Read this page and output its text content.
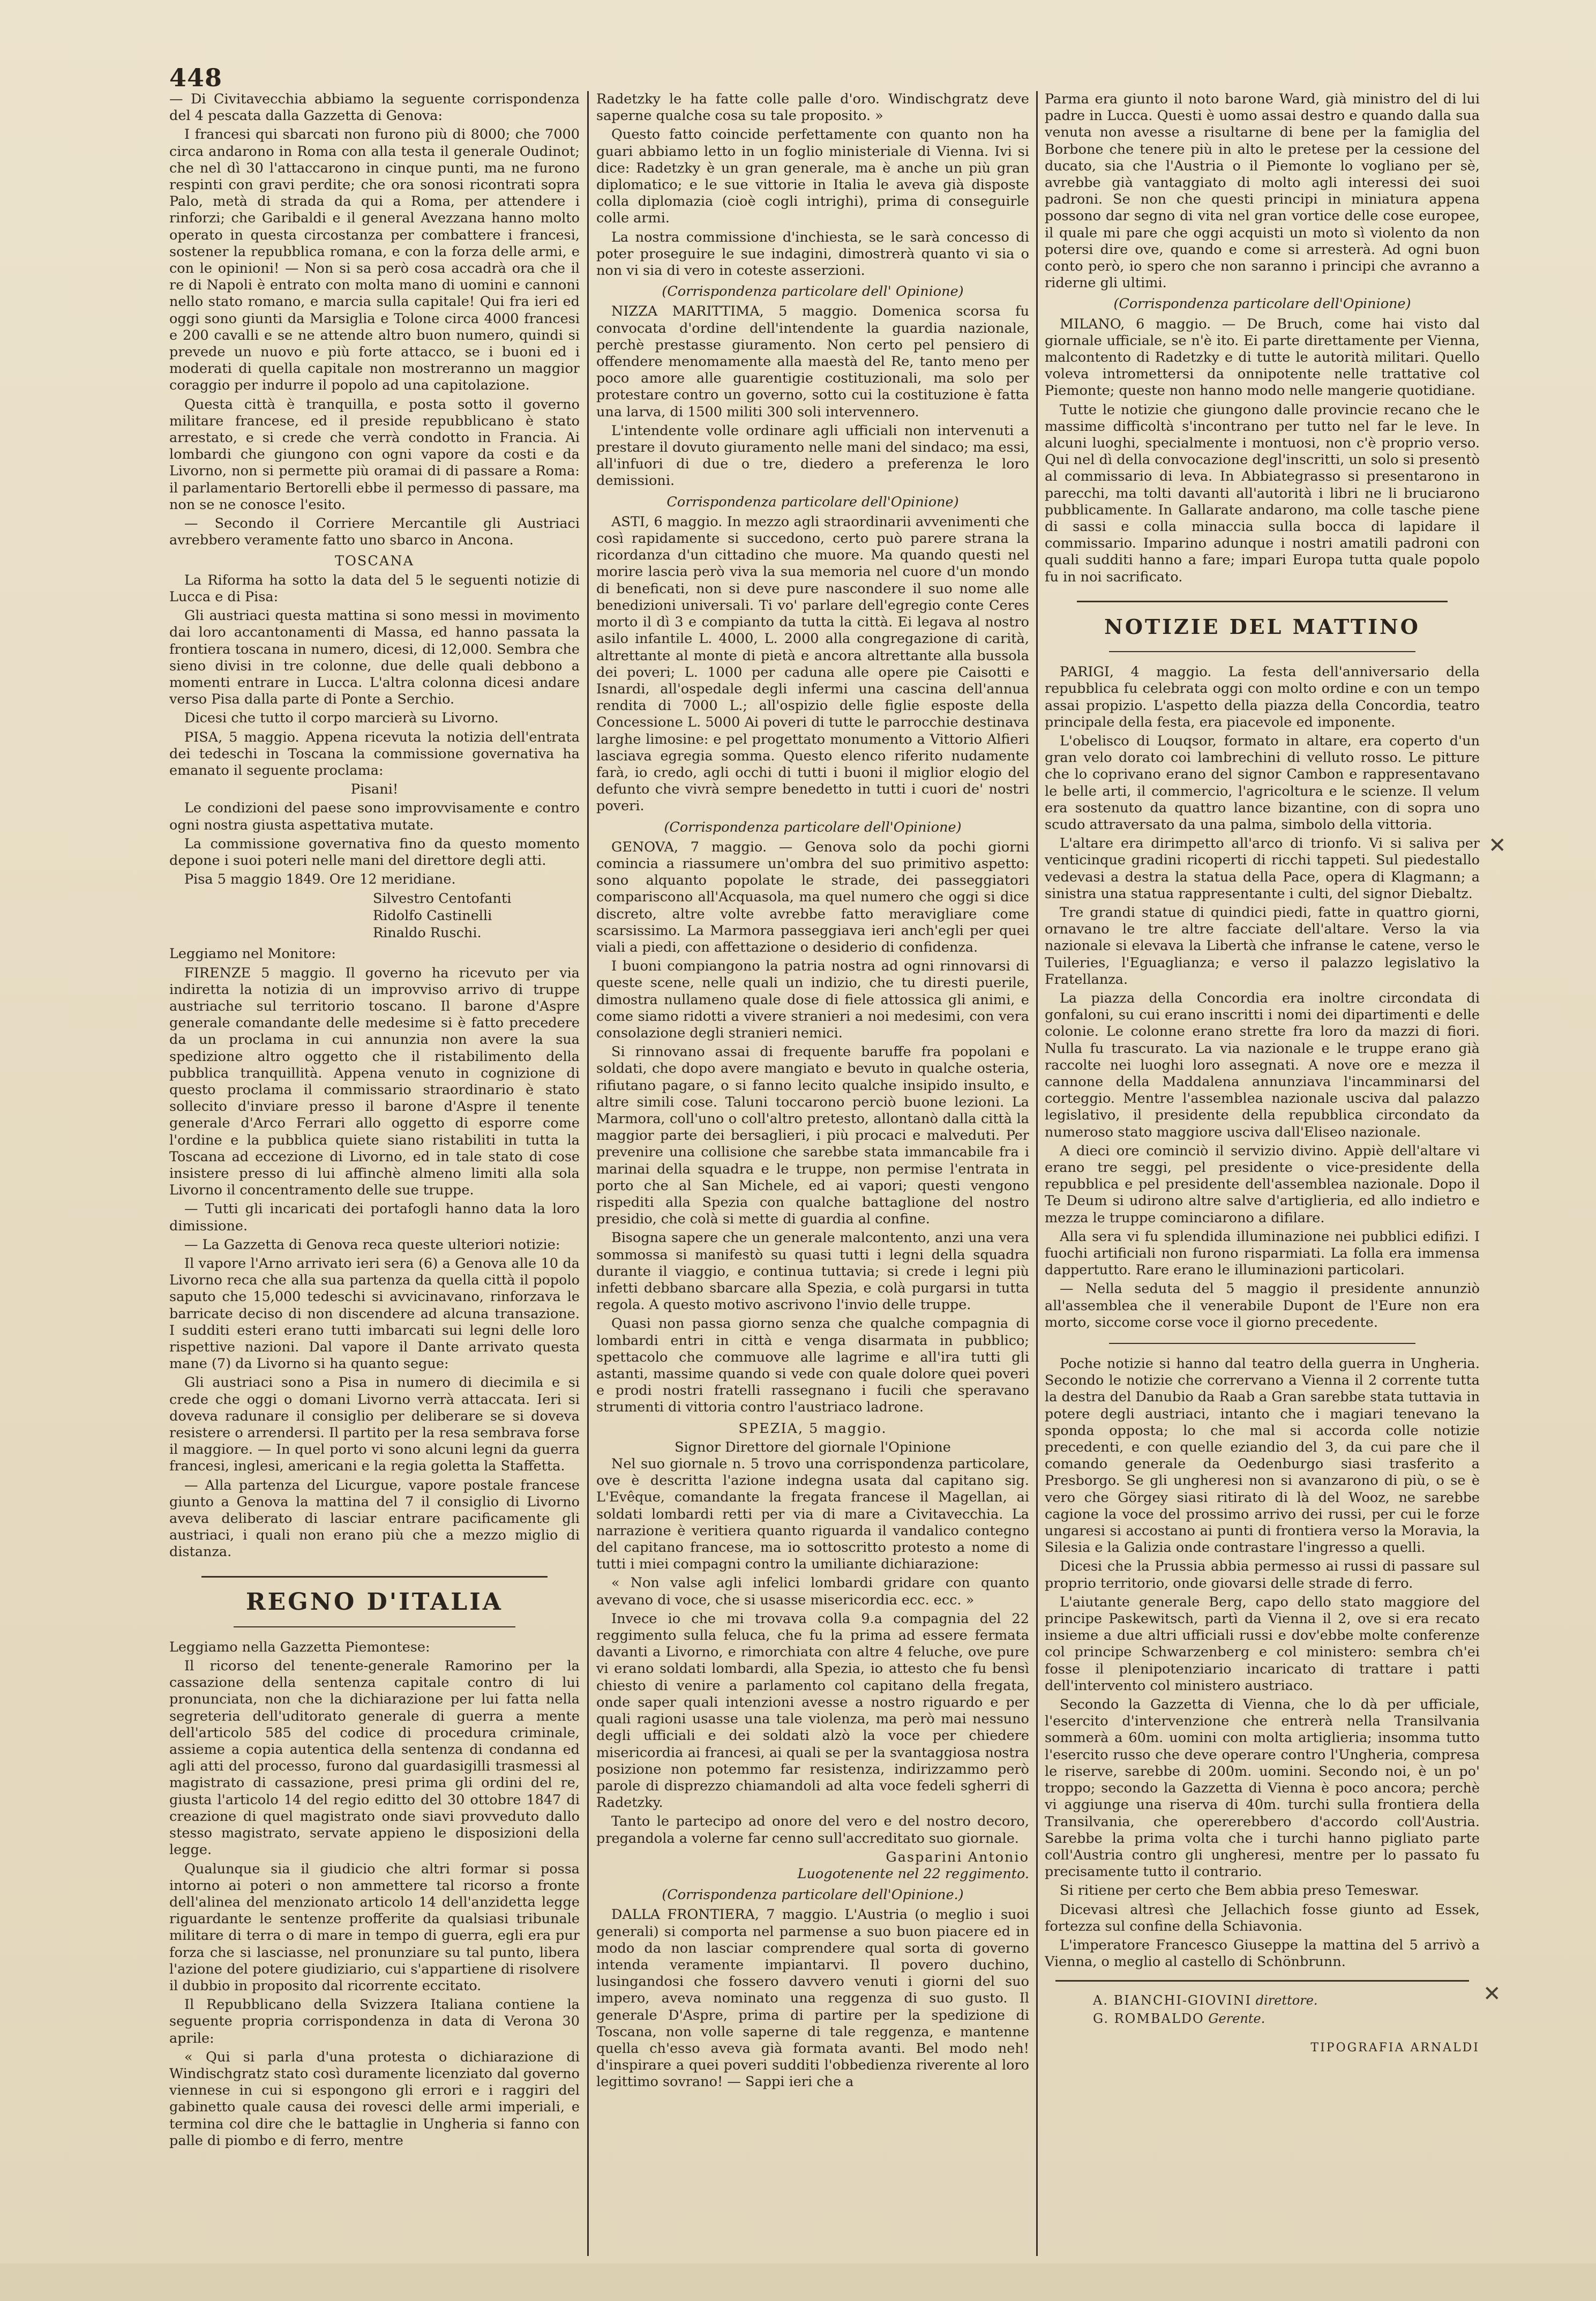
448

— Di Civitavecchia abbiamo la seguente corrispondenza del 4 pescata dalla Gazzetta di Genova:

I francesi qui sbarcati non furono più di 8000; che 7000 circa andarono in Roma con alla testa il generale Oudinot; che nel dì 30 l'attaccarono in cinque punti, ma ne furono respinti con gravi perdite; che ora sonosi ricontrati sopra Palo, metà di strada da qui a Roma, per attendere i rinforzi; che Garibaldi e il general Avezzana hanno molto operato in questa circostanza per combattere i francesi, sostener la repubblica romana, e con la forza delle armi, e con le opinioni! — Non si sa però cosa accadrà ora che il re di Napoli è entrato con molta mano di uomini e cannoni nello stato romano, e marcia sulla capitale! Qui fra ieri ed oggi sono giunti da Marsiglia e Tolone circa 4000 francesi e 200 cavalli e se ne attende altro buon numero, quindi si prevede un nuovo e più forte attacco, se i buoni ed i moderati di quella capitale non mostreranno un maggior coraggio per indurre il popolo ad una capitolazione.

Questa città è tranquilla, e posta sotto il governo militare francese, ed il preside repubblicano è stato arrestato, e si crede che verrà condotto in Francia. Ai lombardi che giungono con ogni vapore da costi e da Livorno, non si permette più oramai di di passare a Roma: il parlamentario Bertorelli ebbe il permesso di passare, ma non se ne conosce l'esito.

— Secondo il Corriere Mercantile gli Austriaci avrebbero veramente fatto uno sbarco in Ancona.

TOSCANA

La Riforma ha sotto la data del 5 le seguenti notizie di Lucca e di Pisa:

Gli austriaci questa mattina si sono messi in movimento dai loro accantonamenti di Massa, ed hanno passata la frontiera toscana in numero, dicesi, di 12,000. Sembra che sieno divisi in tre colonne, due delle quali debbono a momenti entrare in Lucca. L'altra colonna dicesi andare verso Pisa dalla parte di Ponte a Serchio.

Dicesi che tutto il corpo marcierà su Livorno.

PISA, 5 maggio. Appena ricevuta la notizia dell'entrata dei tedeschi in Toscana la commissione governativa ha emanato il seguente proclama:

Pisani!

Le condizioni del paese sono improvvisamente e contro ogni nostra giusta aspettativa mutate.

La commissione governativa fino da questo momento depone i suoi poteri nelle mani del direttore degli atti.

Pisa 5 maggio 1849. Ore 12 meridiane.

Silvestro Centofanti
Ridolfo Castinelli
Rinaldo Ruschi.

Leggiamo nel Monitore:

FIRENZE 5 maggio. Il governo ha ricevuto per via indiretta la notizia di un improvviso arrivo di truppe austriache sul territorio toscano. Il barone d'Aspre generale comandante delle medesime si è fatto precedere da un proclama in cui annunzia non avere la sua spedizione altro oggetto che il ristabilimento della pubblica tranquillità. Appena venuto in cognizione di questo proclama il commissario straordinario è stato sollecito d'inviare presso il barone d'Aspre il tenente generale d'Arco Ferrari allo oggetto di esporre come l'ordine e la pubblica quiete siano ristabiliti in tutta la Toscana ad eccezione di Livorno, ed in tale stato di cose insistere presso di lui affinchè almeno limiti alla sola Livorno il concentramento delle sue truppe.

— Tutti gli incaricati dei portafogli hanno data la loro dimissione.

— La Gazzetta di Genova reca queste ulteriori notizie:

Il vapore l'Arno arrivato ieri sera (6) a Genova alle 10 da Livorno reca che alla sua partenza da quella città il popolo saputo che 15,000 tedeschi si avvicinavano, rinforzava le barricate deciso di non discendere ad alcuna transazione. I sudditi esteri erano tutti imbarcati sui legni delle loro rispettive nazioni. Dal vapore il Dante arrivato questa mane (7) da Livorno si ha quanto segue:

Gli austriaci sono a Pisa in numero di diecimila e si crede che oggi o domani Livorno verrà attaccata. Ieri si doveva radunare il consiglio per deliberare se si doveva resistere o arrendersi. Il partito per la resa sembrava forse il maggiore. — In quel porto vi sono alcuni legni da guerra francesi, inglesi, americani e la regia goletta la Staffetta.

— Alla partenza del Licurgue, vapore postale francese giunto a Genova la mattina del 7 il consiglio di Livorno aveva deliberato di lasciar entrare pacificamente gli austriaci, i quali non erano più che a mezzo miglio di distanza.

REGNO D'ITALIA

Leggiamo nella Gazzetta Piemontese:

Il ricorso del tenente-generale Ramorino per la cassazione della sentenza capitale contro di lui pronunciata, non che la dichiarazione per lui fatta nella segreteria dell'uditorato generale di guerra a mente dell'articolo 585 del codice di procedura criminale, assieme a copia autentica della sentenza di condanna ed agli atti del processo, furono dal guardasigilli trasmessi al magistrato di cassazione, presi prima gli ordini del re, giusta l'articolo 14 del regio editto del 30 ottobre 1847 di creazione di quel magistrato onde siavi provveduto dallo stesso magistrato, servate appieno le disposizioni della legge.

Qualunque sia il giudicio che altri formar si possa intorno ai poteri o non ammettere tal ricorso a fronte dell'alinea del menzionato articolo 14 dell'anzidetta legge riguardante le sentenze profferite da qualsiasi tribunale militare di terra o di mare in tempo di guerra, egli era pur forza che si lasciasse, nel pronunziare su tal punto, libera l'azione del potere giudiziario, cui s'appartiene di risolvere il dubbio in proposito dal ricorrente eccitato.

Il Repubblicano della Svizzera Italiana contiene la seguente propria corrispondenza in data di Verona 30 aprile:

« Qui si parla d'una protesta o dichiarazione di Windischgratz stato così duramente licenziato dal governo viennese in cui si espongono gli errori e i raggiri del gabinetto quale causa dei rovesci delle armi imperiali, e termina col dire che le battaglie in Ungheria si fanno con palle di piombo e di ferro, mentre

Radetzky le ha fatte colle palle d'oro. Windischgratz deve saperne qualche cosa su tale proposito. »

Questo fatto coincide perfettamente con quanto non ha guari abbiamo letto in un foglio ministeriale di Vienna. Ivi si dice: Radetzky è un gran generale, ma è anche un più gran diplomatico; e le sue vittorie in Italia le aveva già disposte colla diplomazia (cioè cogli intrighi), prima di conseguirle colle armi.

La nostra commissione d'inchiesta, se le sarà concesso di poter proseguire le sue indagini, dimostrerà quanto vi sia o non vi sia di vero in coteste asserzioni.

(Corrispondenza particolare dell' Opinione)

NIZZA MARITTIMA, 5 maggio. Domenica scorsa fu convocata d'ordine dell'intendente la guardia nazionale, perchè prestasse giuramento. Non certo pel pensiero di offendere menomamente alla maestà del Re, tanto meno per poco amore alle guarentigie costituzionali, ma solo per protestare contro un governo, sotto cui la costituzione è fatta una larva, di 1500 militi 300 soli intervennero.

L'intendente volle ordinare agli ufficiali non intervenuti a prestare il dovuto giuramento nelle mani del sindaco; ma essi, all'infuori di due o tre, diedero a preferenza le loro demissioni.

Corrispondenza particolare dell'Opinione)

ASTI, 6 maggio. In mezzo agli straordinarii avvenimenti che così rapidamente si succedono, certo può parere strana la ricordanza d'un cittadino che muore. Ma quando questi nel morire lascia però viva la sua memoria nel cuore d'un mondo di beneficati, non si deve pure nascondere il suo nome alle benedizioni universali. Ti vo' parlare dell'egregio conte Ceres morto il dì 3 e compianto da tutta la città. Ei legava al nostro asilo infantile L. 4000, L. 2000 alla congregazione di carità, altrettante al monte di pietà e ancora altrettante alla bussola dei poveri; L. 1000 per caduna alle opere pie Caisotti e Isnardi, all'ospedale degli infermi una cascina dell'annua rendita di 7000 L.; all'ospizio delle figlie esposte della Concessione L. 5000 Ai poveri di tutte le parrocchie destinava larghe limosine: e pel progettato monumento a Vittorio Alfieri lasciava egregia somma. Questo elenco riferito nudamente farà, io credo, agli occhi di tutti i buoni il miglior elogio del defunto che vivrà sempre benedetto in tutti i cuori de' nostri poveri.

(Corrispondenza particolare dell'Opinione)

GENOVA, 7 maggio. — Genova solo da pochi giorni comincia a riassumere un'ombra del suo primitivo aspetto: sono alquanto popolate le strade, dei passeggiatori compariscono all'Acquasola, ma quel numero che oggi si dice discreto, altre volte avrebbe fatto meravigliare come scarsissimo. La Marmora passeggiava ieri anch'egli per quei viali a piedi, con affettazione o desiderio di confidenza.

I buoni compiangono la patria nostra ad ogni rinnovarsi di queste scene, nelle quali un indizio, che tu diresti puerile, dimostra nullameno quale dose di fiele attossica gli animi, e come siamo ridotti a vivere stranieri a noi medesimi, con vera consolazione degli stranieri nemici.

Si rinnovano assai di frequente baruffe fra popolani e soldati, che dopo avere mangiato e bevuto in qualche osteria, rifiutano pagare, o si fanno lecito qualche insipido insulto, e altre simili cose. Taluni toccarono perciò buone lezioni. La Marmora, coll'uno o coll'altro pretesto, allontanò dalla città la maggior parte dei bersaglieri, i più procaci e malveduti. Per prevenire una collisione che sarebbe stata immancabile fra i marinai della squadra e le truppe, non permise l'entrata in porto che al San Michele, ed ai vapori; questi vengono rispediti alla Spezia con qualche battaglione del nostro presidio, che colà si mette di guardia al confine.

Bisogna sapere che un generale malcontento, anzi una vera sommossa si manifestò su quasi tutti i legni della squadra durante il viaggio, e continua tuttavia; si crede i legni più infetti debbano sbarcare alla Spezia, e colà purgarsi in tutta regola. A questo motivo ascrivono l'invio delle truppe.

Quasi non passa giorno senza che qualche compagnia di lombardi entri in città e venga disarmata in pubblico; spettacolo che commuove alle lagrime e all'ira tutti gli astanti, massime quando si vede con quale dolore quei poveri e prodi nostri fratelli rassegnano i fucili che speravano strumenti di vittoria contro l'austriaco ladrone.

SPEZIA, 5 maggio.
Signor Direttore del giornale l'Opinione

Nel suo giornale n. 5 trovo una corrispondenza particolare, ove è descritta l'azione indegna usata dal capitano sig. L'Evêque, comandante la fregata francese il Magellan, ai soldati lombardi retti per via di mare a Civitavecchia. La narrazione è veritiera quanto riguarda il vandalico contegno del capitano francese, ma io sottoscritto protesto a nome di tutti i miei compagni contro la umiliante dichiarazione:

« Non valse agli infelici lombardi gridare con quanto avevano di voce, che si usasse misericordia ecc. ecc. »

Invece io che mi trovava colla 9.a compagnia del 22 reggimento sulla feluca, che fu la prima ad essere fermata davanti a Livorno, e rimorchiata con altre 4 feluche, ove pure vi erano soldati lombardi, alla Spezia, io attesto che fu bensì chiesto di venire a parlamento col capitano della fregata, onde saper quali intenzioni avesse a nostro riguardo e per quali ragioni usasse una tale violenza, ma però mai nessuno degli ufficiali e dei soldati alzò la voce per chiedere misericordia ai francesi, ai quali se per la svantaggiosa nostra posizione non potemmo far resistenza, indirizzammo però parole di disprezzo chiamandoli ad alta voce fedeli sgherri di Radetzky.

Tanto le partecipo ad onore del vero e del nostro decoro, pregandola a volerne far cenno sull'accreditato suo giornale.

Gasparini Antonio
Luogotenente nel 22 reggimento.
(Corrispondenza particolare dell'Opinione.)

DALLA FRONTIERA, 7 maggio. L'Austria (o meglio i suoi generali) si comporta nel parmense a suo buon piacere ed in modo da non lasciar comprendere qual sorta di governo intenda veramente impiantarvi. Il povero duchino, lusingandosi che fossero davvero venuti i giorni del suo impero, aveva nominato una reggenza di suo gusto. Il generale D'Aspre, prima di partire per la spedizione di Toscana, non volle saperne di tale reggenza, e mantenne quella ch'esso aveva già formata avanti. Bel modo neh! d'inspirare a quei poveri sudditi l'obbedienza riverente al loro legittimo sovrano! — Sappi ieri che a

Parma era giunto il noto barone Ward, già ministro del di lui padre in Lucca. Questi è uomo assai destro e quando dalla sua venuta non avesse a risultarne di bene per la famiglia del Borbone che tenere più in alto le pretese per la cessione del ducato, sia che l'Austria o il Piemonte lo vogliano per sè, avrebbe già vantaggiato di molto agli interessi dei suoi padroni. Se non che questi principi in miniatura appena possono dar segno di vita nel gran vortice delle cose europee, il quale mi pare che oggi acquisti un moto sì violento da non potersi dire ove, quando e come si arresterà. Ad ogni buon conto però, io spero che non saranno i principi che avranno a riderne gli ultimi.

(Corrispondenza particolare dell'Opinione)

MILANO, 6 maggio. — De Bruch, come hai visto dal giornale ufficiale, se n'è ito. Ei parte direttamente per Vienna, malcontento di Radetzky e di tutte le autorità militari. Quello voleva intromettersi da onnipotente nelle trattative col Piemonte; queste non hanno modo nelle mangerie quotidiane.

Tutte le notizie che giungono dalle provincie recano che le massime difficoltà s'incontrano per tutto nel far le leve. In alcuni luoghi, specialmente i montuosi, non c'è proprio verso. Qui nel dì della convocazione degl'inscritti, un solo si presentò al commissario di leva. In Abbiategrasso si presentarono in parecchi, ma tolti davanti all'autorità i libri ne li bruciarono pubblicamente. In Gallarate andarono, ma colle tasche piene di sassi e colla minaccia sulla bocca di lapidare il commissario. Imparino adunque i nostri amatili padroni con quali sudditi hanno a fare; impari Europa tutta quale popolo fu in noi sacrificato.

NOTIZIE DEL MATTINO

PARIGI, 4 maggio. La festa dell'anniversario della repubblica fu celebrata oggi con molto ordine e con un tempo assai propizio. L'aspetto della piazza della Concordia, teatro principale della festa, era piacevole ed imponente.

L'obelisco di Louqsor, formato in altare, era coperto d'un gran velo dorato coi lambrechini di velluto rosso. Le pitture che lo coprivano erano del signor Cambon e rappresentavano le belle arti, il commercio, l'agricoltura e le scienze. Il velum era sostenuto da quattro lance bizantine, con di sopra uno scudo attraversato da una palma, simbolo della vittoria.

L'altare era dirimpetto all'arco di trionfo. Vi si saliva per venticinque gradini ricoperti di ricchi tappeti. Sul piedestallo vedevasi a destra la statua della Pace, opera di Klagmann; a sinistra una statua rappresentante i culti, del signor Diebaltz.

Tre grandi statue di quindici piedi, fatte in quattro giorni, ornavano le tre altre facciate dell'altare. Verso la via nazionale si elevava la Libertà che infranse le catene, verso le Tuileries, l'Eguaglianza; e verso il palazzo legislativo la Fratellanza.

La piazza della Concordia era inoltre circondata di gonfaloni, su cui erano inscritti i nomi dei dipartimenti e delle colonie. Le colonne erano strette fra loro da mazzi di fiori. Nulla fu trascurato. La via nazionale e le truppe erano già raccolte nei luoghi loro assegnati. A nove ore e mezza il cannone della Maddalena annunziava l'incamminarsi del corteggio. Mentre l'assemblea nazionale usciva dal palazzo legislativo, il presidente della repubblica circondato da numeroso stato maggiore usciva dall'Eliseo nazionale.

A dieci ore cominciò il servizio divino. Appiè dell'altare vi erano tre seggi, pel presidente o vice-presidente della repubblica e pel presidente dell'assemblea nazionale. Dopo il Te Deum si udirono altre salve d'artiglieria, ed allo indietro e mezza le truppe cominciarono a difilare.

Alla sera vi fu splendida illuminazione nei pubblici edifizi. I fuochi artificiali non furono risparmiati. La folla era immensa dappertutto. Rare erano le illuminazioni particolari.

— Nella seduta del 5 maggio il presidente annunziò all'assemblea che il venerabile Dupont de l'Eure non era morto, siccome corse voce il giorno precedente.

Poche notizie si hanno dal teatro della guerra in Ungheria. Secondo le notizie che corrervano a Vienna il 2 corrente tutta la destra del Danubio da Raab a Gran sarebbe stata tuttavia in potere degli austriaci, intanto che i magiari tenevano la sponda opposta; lo che mal si accorda colle notizie precedenti, e con quelle eziandio del 3, da cui pare che il comando generale da Oedenburgo siasi trasferito a Presborgo. Se gli ungheresi non si avanzarono di più, o se è vero che Görgey siasi ritirato di là del Wooz, ne sarebbe cagione la voce del prossimo arrivo dei russi, per cui le forze ungaresi si accostano ai punti di frontiera verso la Moravia, la Silesia e la Galizia onde contrastare l'ingresso a quelli.

Dicesi che la Prussia abbia permesso ai russi di passare sul proprio territorio, onde giovarsi delle strade di ferro.

L'aiutante generale Berg, capo dello stato maggiore del principe Paskewitsch, partì da Vienna il 2, ove si era recato insieme a due altri ufficiali russi e dov'ebbe molte conferenze col principe Schwarzenberg e col ministero: sembra ch'ei fosse il plenipotenziario incaricato di trattare i patti dell'intervento col ministero austriaco.

Secondo la Gazzetta di Vienna, che lo dà per ufficiale, l'esercito d'intervenzione che entrerà nella Transilvania sommerà a 60m. uomini con molta artiglieria; insomma tutto l'esercito russo che deve operare contro l'Ungheria, compresa le riserve, sarebbe di 200m. uomini. Secondo noi, è un po' troppo; secondo la Gazzetta di Vienna è poco ancora; perchè vi aggiunge una riserva di 40m. turchi sulla frontiera della Transilvania, che opererebbero d'accordo coll'Austria. Sarebbe la prima volta che i turchi hanno pigliato parte coll'Austria contro gli ungheresi, mentre per lo passato fu precisamente tutto il contrario.

Si ritiene per certo che Bem abbia preso Temeswar.

Dicevasi altresì che Jellachich fosse giunto ad Essek, fortezza sul confine della Schiavonia.

L'imperatore Francesco Giuseppe la mattina del 5 arrivò a Vienna, o meglio al castello di Schönbrunn.

A. BIANCHI-GIOVINI direttore.
G. ROMBALDO Gerente.
TIPOGRAFIA ARNALDI
✕
✕
